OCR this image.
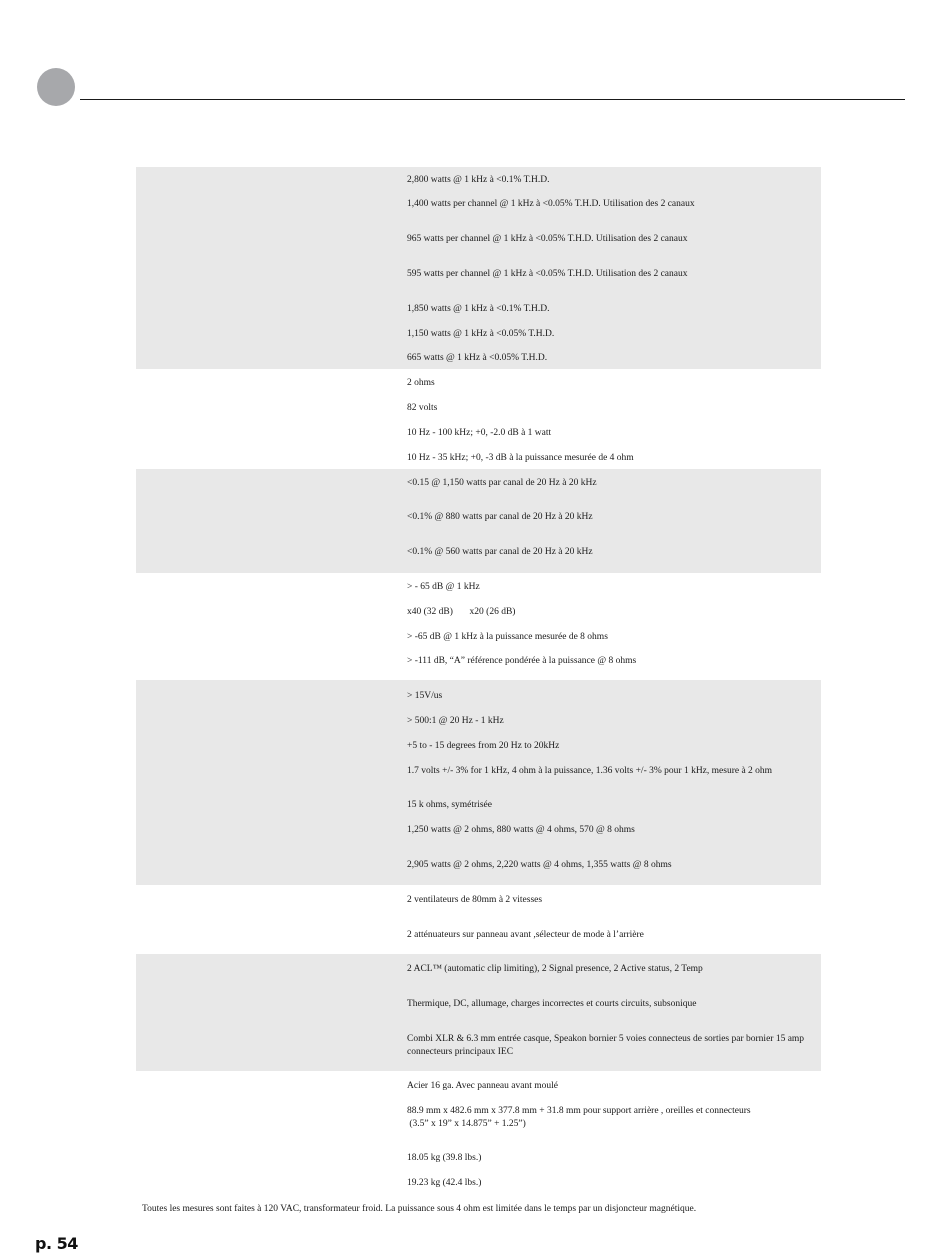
2,800 watts @ 1 kHz à <0.1% T.H.D.
1,400 watts per channel @ 1 kHz à <0.05% T.H.D. Utilisation des 2 canaux
965 watts per channel @ 1 kHz à <0.05% T.H.D. Utilisation des 2 canaux
595 watts per channel @ 1 kHz à <0.05% T.H.D. Utilisation des 2 canaux
1,850 watts @ 1 kHz à <0.1% T.H.D.
1,150 watts @ 1 kHz à <0.05% T.H.D.
665 watts @ 1 kHz à <0.05% T.H.D.
2 ohms
82 volts
10 Hz - 100 kHz; +0, -2.0 dB à 1 watt
10 Hz - 35 kHz; +0, -3 dB à la puissance mesurée de 4 ohm
<0.15 @ 1,150 watts par canal de 20 Hz à 20 kHz
<0.1% @ 880 watts par canal de 20 Hz à 20 kHz
<0.1% @ 560 watts par canal de 20 Hz à 20 kHz
> - 65 dB @ 1 kHz
x40 (32 dB)       x20 (26 dB)
> -65 dB @ 1 kHz à la puissance mesurée de 8 ohms
> -111 dB, “A” référence pondérée à la puissance @ 8 ohms
> 15V/us
> 500:1 @ 20 Hz - 1 kHz
+5 to - 15 degrees from 20 Hz to 20kHz
1.7 volts +/- 3% for 1 kHz, 4 ohm à la puissance, 1.36 volts +/- 3% pour 1 kHz, mesure à 2 ohm
15 k ohms, symétrisée
1,250 watts @ 2 ohms, 880 watts @ 4 ohms, 570 @ 8 ohms
2,905 watts @ 2 ohms, 2,220 watts @ 4 ohms, 1,355 watts @ 8 ohms
2 ventilateurs de 80mm à 2 vitesses
2 atténuateurs sur panneau avant ,sélecteur de mode à l’arrière
2 ACL™ (automatic clip limiting), 2 Signal presence, 2 Active status, 2 Temp
Thermique, DC, allumage, charges incorrectes et courts circuits, subsonique
Combi XLR & 6.3 mm entrée casque, Speakon bornier 5 voies connecteus de sorties par bornier 15 amp connecteurs principaux IEC
Acier 16 ga. Avec panneau avant moulé
88.9 mm x 482.6 mm x 377.8 mm + 31.8 mm pour support arrière , oreilles et connecteurs
(3.5” x 19” x 14.875” + 1.25”)
18.05 kg (39.8 lbs.)
19.23 kg (42.4 lbs.)
Toutes les mesures sont faites à 120 VAC, transformateur froid. La puissance sous 4 ohm est limitée dans le temps par un disjoncteur magnétique.
p. 54
